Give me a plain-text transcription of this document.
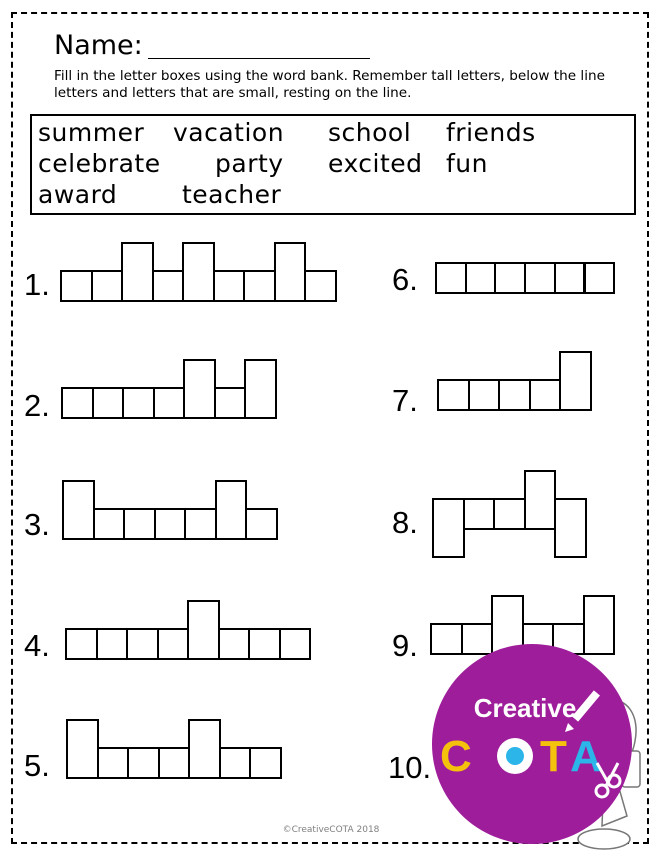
Name:
Fill in the letter boxes using the word bank. Remember tall letters, below the line letters and letters that are small, resting on the line.
summer vacation school friends
celebrate party excited fun
award	teacher
1.
2.
3.
4.
5.
6.
7.
8.
9.
10.
Creative
C T A
COTA
©CreativeCOTA 2018
